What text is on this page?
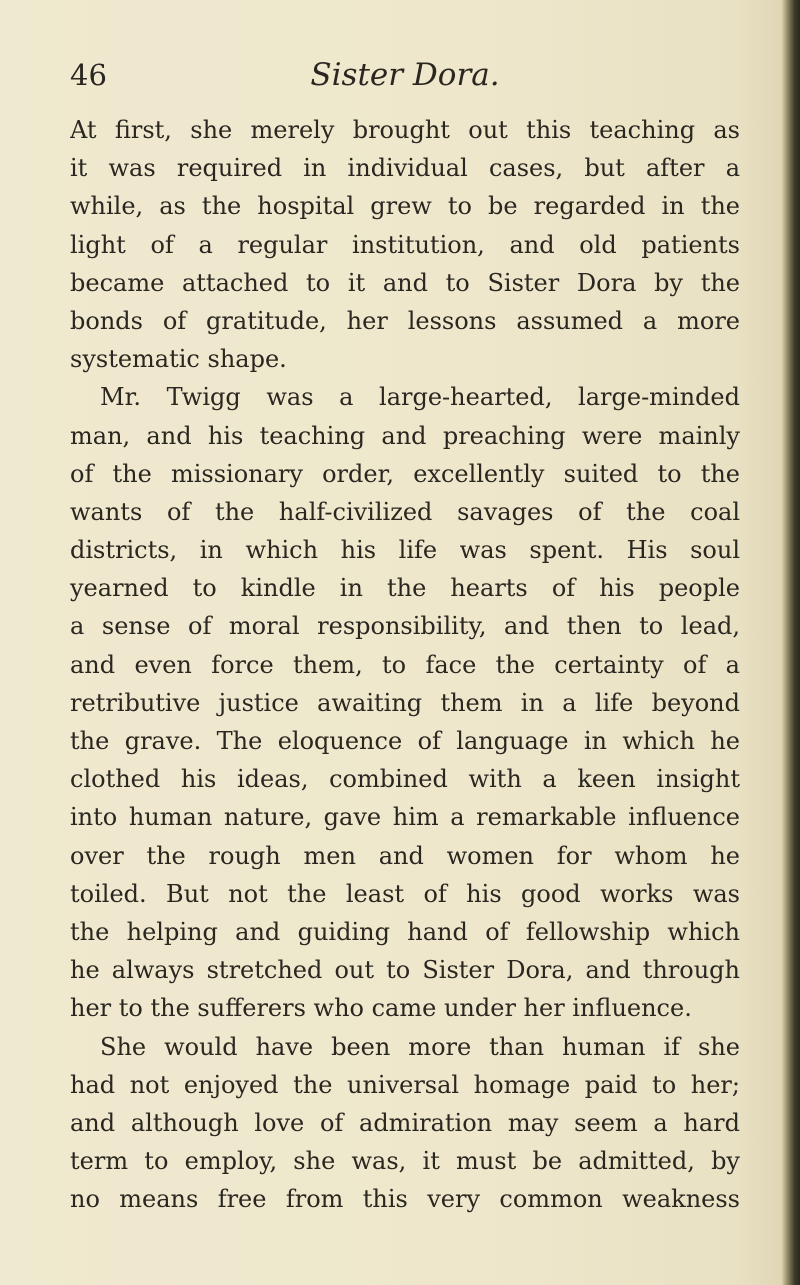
46	Sister Dora.
At first, she merely brought out this teaching as
it was required in individual cases, but after a
while, as the hospital grew to be regarded in the
light of a regular institution, and old patients
became attached to it and to Sister Dora by the
bonds of gratitude, her lessons assumed a more
systematic shape.
Mr. Twigg was a large-hearted, large-minded
man, and his teaching and preaching were mainly
of the missionary order, excellently suited to the
wants of the half-civilized savages of the coal
districts, in which his life was spent. His soul
yearned to kindle in the hearts of his people
a sense of moral responsibility, and then to lead,
and even force them, to face the certainty of a
retributive justice awaiting them in a life beyond
the grave. The eloquence of language in which he
clothed his ideas, combined with a keen insight
into human nature, gave him a remarkable influence
over the rough men and women for whom he
toiled. But not the least of his good works was
the helping and guiding hand of fellowship which
he always stretched out to Sister Dora, and through
her to the sufferers who came under her influence.
She would have been more than human if she
had not enjoyed the universal homage paid to her;
and although love of admiration may seem a hard
term to employ, she was, it must be admitted, by
no means free from this very common weakness
